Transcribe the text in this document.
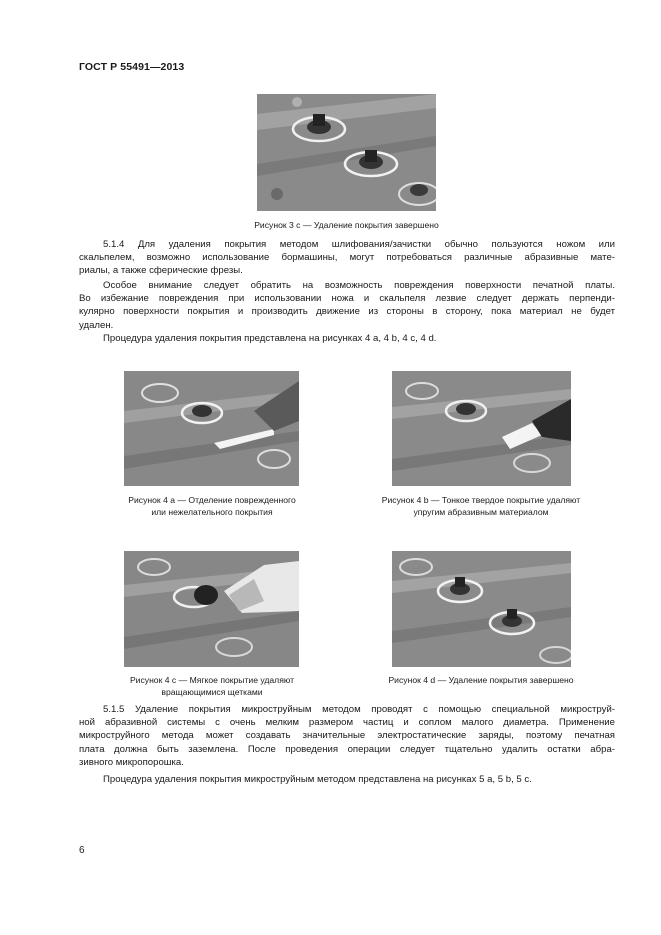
ГОСТ Р 55491—2013
Рисунок 3 c — Удаление покрытия завершено

5.1.4 Для удаления покрытия методом шлифования/зачистки обычно пользуются ножом или
скальпелем, возможно использование бормашины, могут потребоваться различные абразивные мате-
риалы, а также сферические фрезы.

Особое внимание следует обратить на возможность повреждения поверхности печатной платы.
Во избежание повреждения при использовании ножа и скальпеля лезвие следует держать перпенди-
кулярно поверхности покрытия и производить движение из стороны в сторону, пока материал не будет
удален.

Процедура удаления покрытия представлена на рисунках 4 a, 4 b, 4 c, 4 d.

Рисунок 4 a — Отделение поврежденного
или нежелательного покрытия
Рисунок 4 b — Тонкое твердое покрытие удаляют
упругим абразивным материалом
Рисунок 4 c — Мягкое покрытие удаляют
вращающимися щетками
Рисунок 4 d — Удаление покрытия завершено

5.1.5 Удаление покрытия микроструйным методом проводят с помощью специальной микроструй-
ной абразивной системы с очень мелким размером частиц и соплом малого диаметра. Применение
микроструйного метода может создавать значительные электростатические заряды, поэтому печатная
плата должна быть заземлена. После проведения операции следует тщательно удалить остатки абра-
зивного микропорошка.

Процедура удаления покрытия микроструйным методом представлена на рисунках 5 a, 5 b, 5 c.

6
